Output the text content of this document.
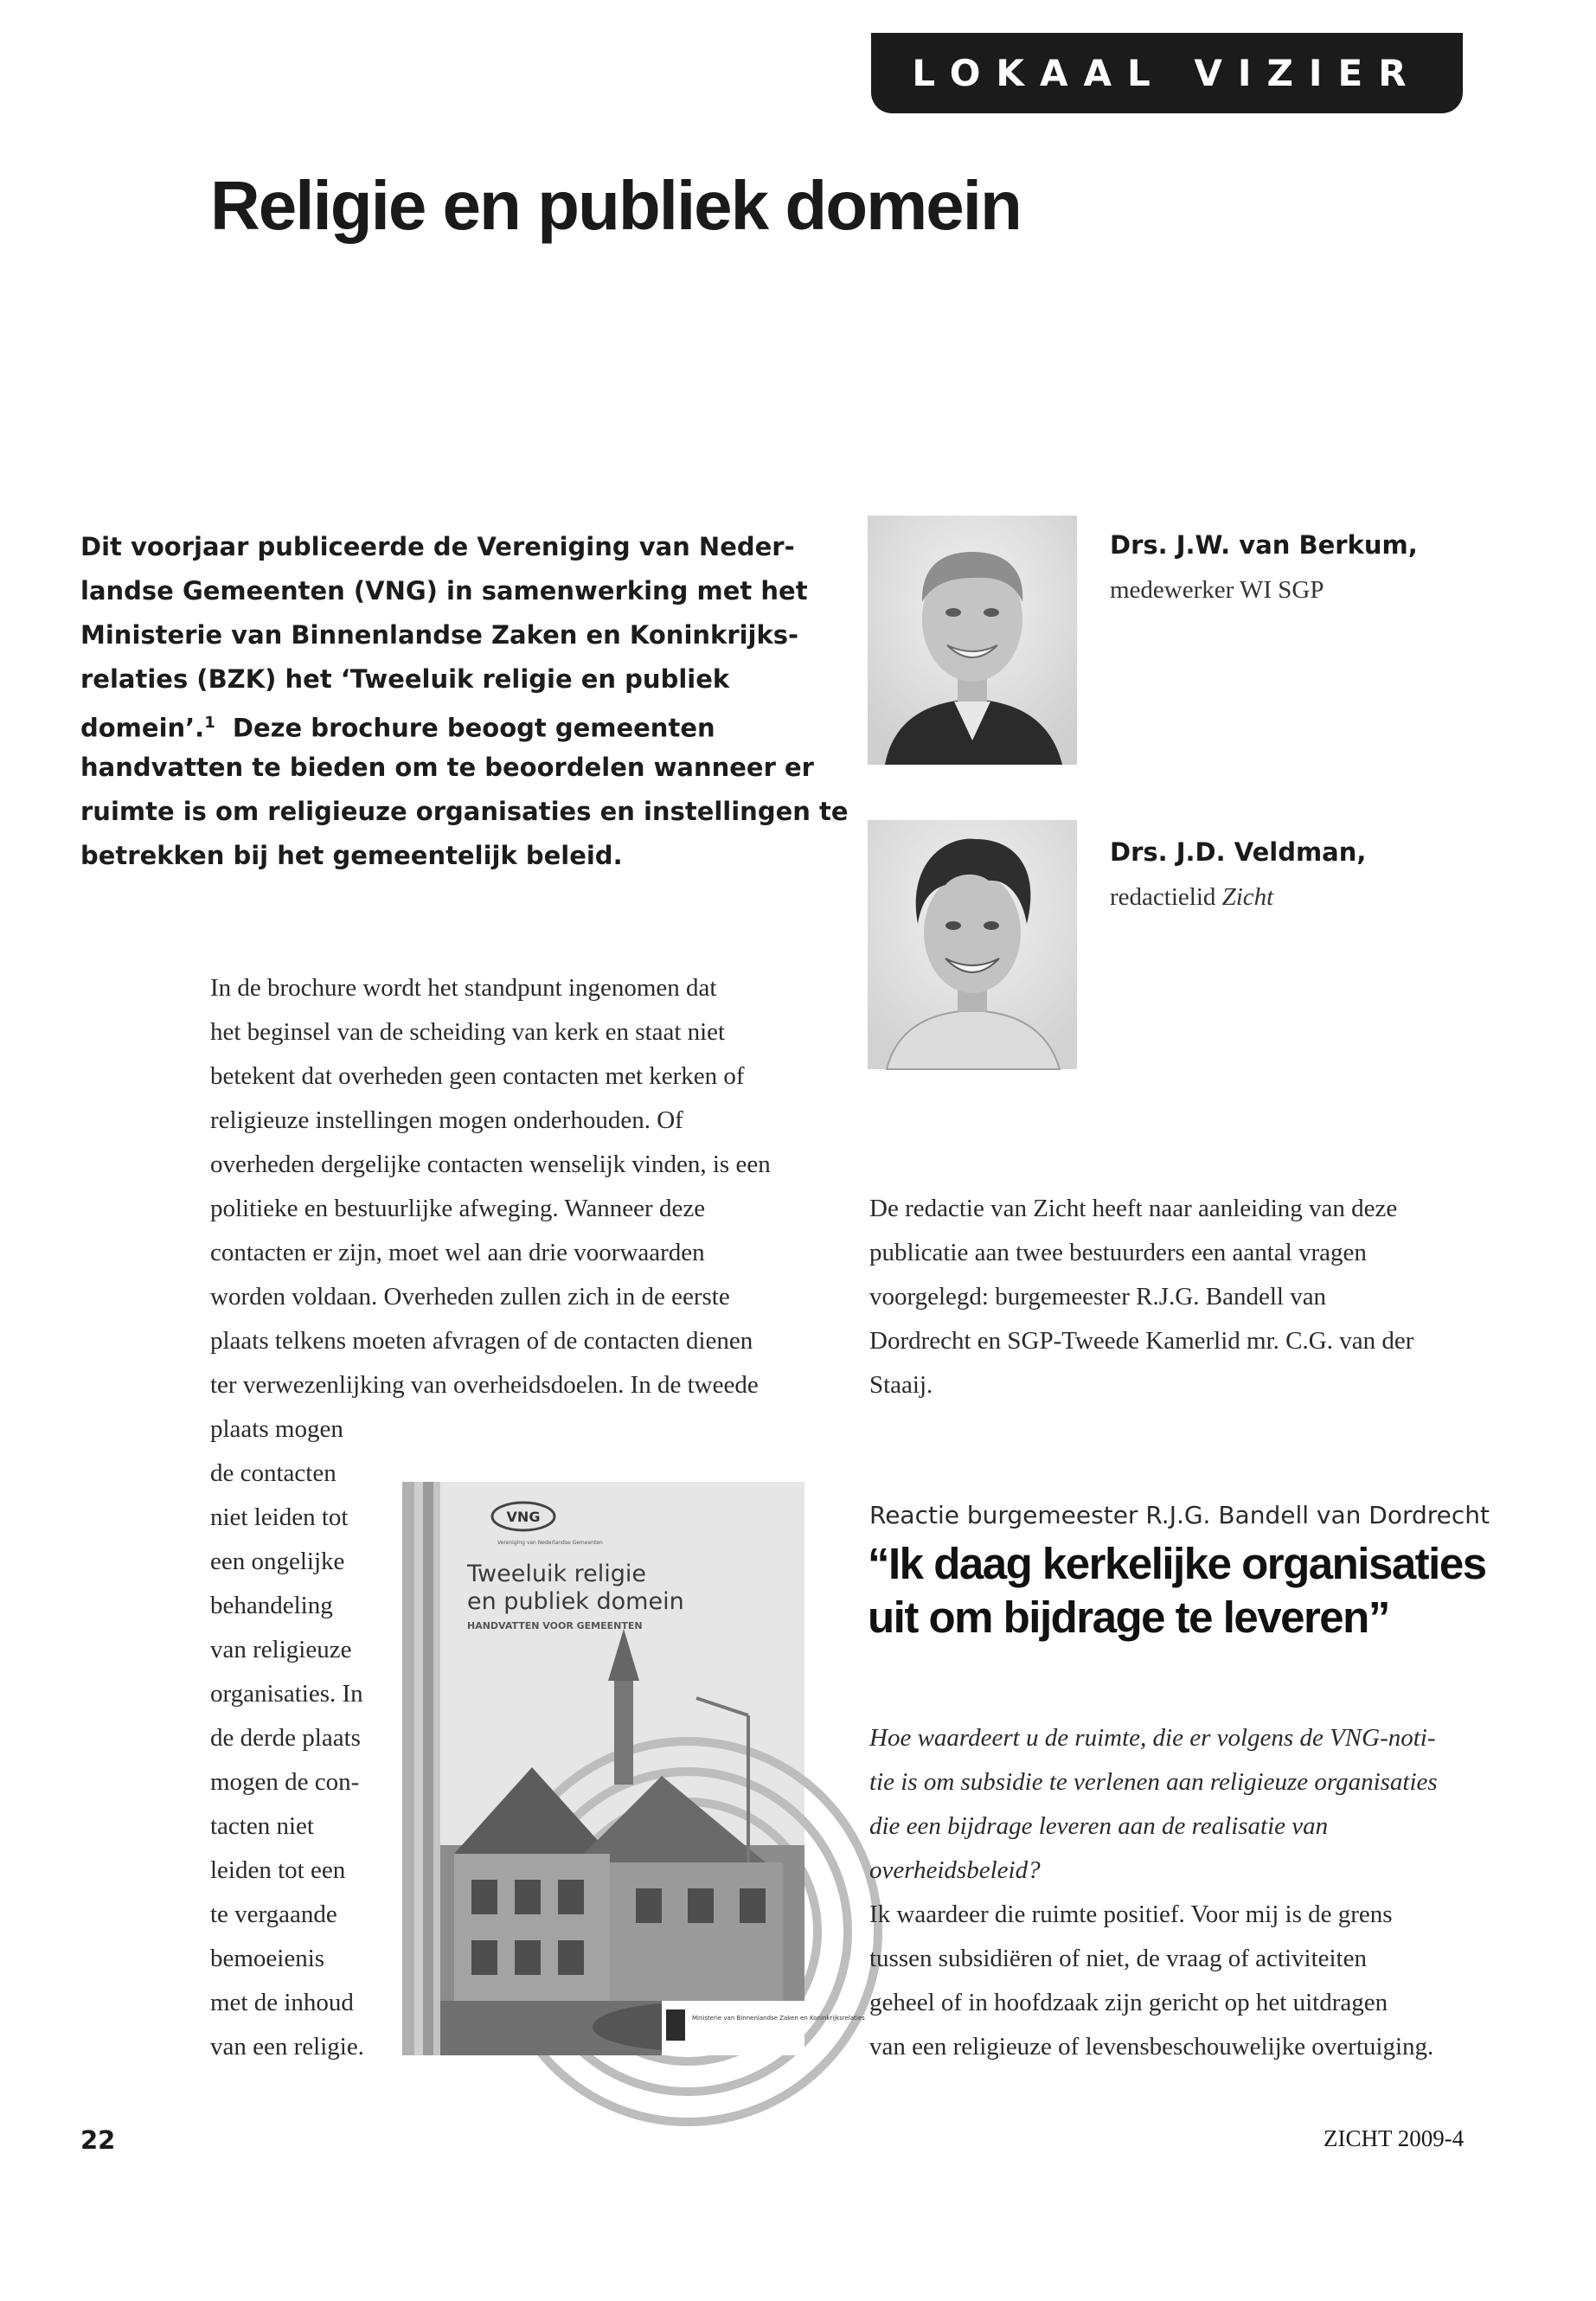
LOKAAL VIZIER
Religie en publiek domein
Dit voorjaar publiceerde de Vereniging van Neder-
landse Gemeenten (VNG) in samenwerking met het
Ministerie van Binnenlandse Zaken en Koninkrijks-
relaties (BZK) het ‘Tweeluik religie en publiek
domein’.$^1$ Deze brochure beoogt gemeenten
handvatten te bieden om te beoordelen wanneer er
ruimte is om religieuze organisaties en instellingen te
betrekken bij het gemeentelijk beleid.
Drs. J.W. van Berkum,
medewerker WI SGP
Drs. J.D. Veldman,
redactielid Zicht
In de brochure wordt het standpunt ingenomen dat
het beginsel van de scheiding van kerk en staat niet
betekent dat overheden geen contacten met kerken of
religieuze instellingen mogen onderhouden. Of
overheden dergelijke contacten wenselijk vinden, is een
politieke en bestuurlijke afweging. Wanneer deze
contacten er zijn, moet wel aan drie voorwaarden
worden voldaan. Overheden zullen zich in de eerste
plaats telkens moeten afvragen of de contacten dienen
ter verwezenlijking van overheidsdoelen. In de tweede
plaats mogen
de contacten
niet leiden tot
een ongelijke
behandeling
van religieuze
organisaties. In
de derde plaats
mogen de con-
tacten niet
leiden tot een
te vergaande
bemoeienis
met de inhoud
van een religie.
Ministerie van Binnenlandse Zaken en Koninkrijksrelaties
VNG
Vereniging van Nederlandse Gemeenten
Tweeluik religie
en publiek domein
HANDVATTEN VOOR GEMEENTEN
De redactie van Zicht heeft naar aanleiding van deze
publicatie aan twee bestuurders een aantal vragen
voorgelegd: burgemeester R.J.G. Bandell van
Dordrecht en SGP-Tweede Kamerlid mr. C.G. van der
Staaij.
Reactie burgemeester R.J.G. Bandell van Dordrecht
“Ik daag kerkelijke organisaties
uit om bijdrage te leveren”
Hoe waardeert u de ruimte, die er volgens de VNG-noti-
tie is om subsidie te verlenen aan religieuze organisaties
die een bijdrage leveren aan de realisatie van
overheidsbeleid?
Ik waardeer die ruimte positief. Voor mij is de grens
tussen subsidiëren of niet, de vraag of activiteiten
geheel of in hoofdzaak zijn gericht op het uitdragen
van een religieuze of levensbeschouwelijke overtuiging.
22	ZICHT 2009-4
